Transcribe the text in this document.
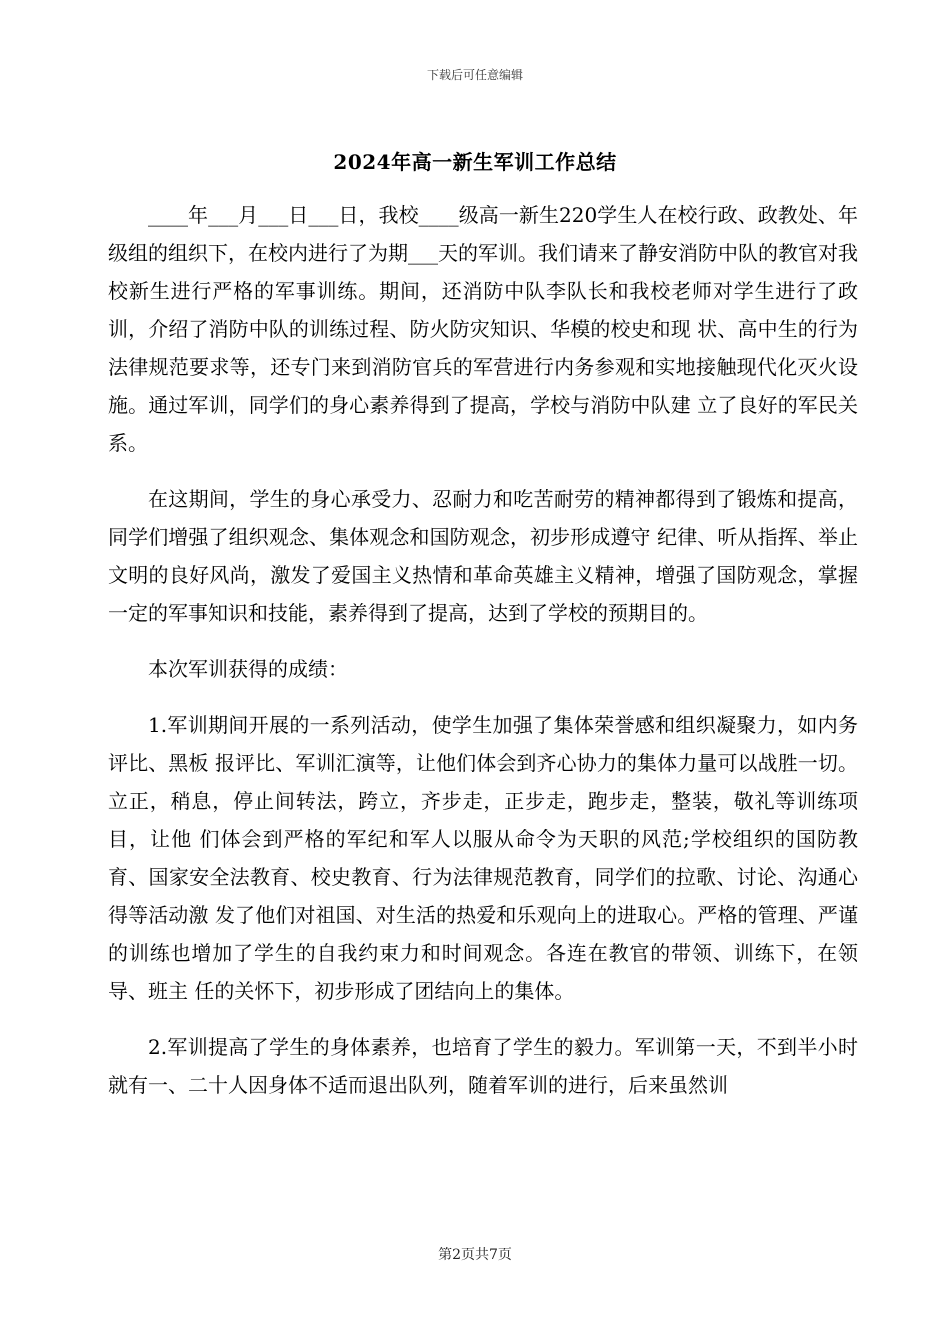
下载后可任意编辑
2024年高一新生军训工作总结

____年___月___日___日，我校____级高一新生220学生人在校行政、政教处、年级组的组织下，在校内进行了为期___天的军训。我们请来了静安消防中队的教官对我校新生进行严格的军事训练。期间，还消防中队李队长和我校老师对学生进行了政训，介绍了消防中队的训练过程、防火防灾知识、华模的校史和现 状、高中生的行为法律规范要求等，还专门来到消防官兵的军营进行内务参观和实地接触现代化灭火设施。通过军训，同学们的身心素养得到了提高，学校与消防中队建 立了良好的军民关系。

在这期间，学生的身心承受力、忍耐力和吃苦耐劳的精神都得到了锻炼和提高，同学们增强了组织观念、集体观念和国防观念，初步形成遵守 纪律、听从指挥、举止文明的良好风尚，激发了爱国主义热情和革命英雄主义精神，增强了国防观念，掌握一定的军事知识和技能，素养得到了提高，达到了学校的预期目的。

本次军训获得的成绩：

1.军训期间开展的一系列活动，使学生加强了集体荣誉感和组织凝聚力，如内务评比、黑板 报评比、军训汇演等，让他们体会到齐心协力的集体力量可以战胜一切。立正，稍息，停止间转法，跨立，齐步走，正步走，跑步走，整装，敬礼等训练项目，让他 们体会到严格的军纪和军人以服从命令为天职的风范;学校组织的国防教育、国家安全法教育、校史教育、行为法律规范教育，同学们的拉歌、讨论、沟通心得等活动激 发了他们对祖国、对生活的热爱和乐观向上的进取心。严格的管理、严谨的训练也增加了学生的自我约束力和时间观念。各连在教官的带领、训练下，在领导、班主 任的关怀下，初步形成了团结向上的集体。

2.军训提高了学生的身体素养，也培育了学生的毅力。军训第一天，不到半小时就有一、二十人因身体不适而退出队列，随着军训的进行，后来虽然训

第2页共7页
